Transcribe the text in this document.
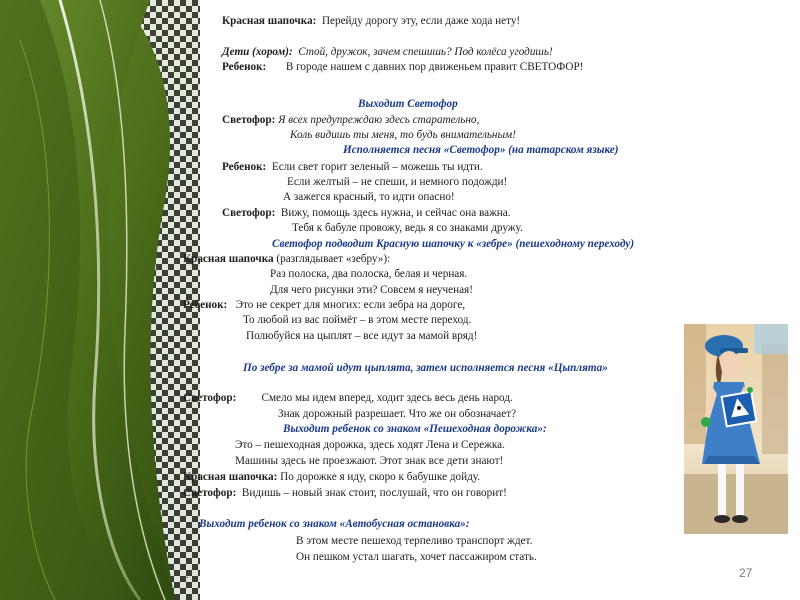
Красная шапочка: Перейду дорогу эту, если даже хода нету!
Дети (хором): Стой, дружок, зачем спешишь? Под колёса угодишь!
Ребенок: В городе нашем с давних пор движеньем правит СВЕТОФОР!
Выходит Светофор
Светофор: Я всех предупреждаю здесь старательно,
Коль видишь ты меня, то будь внимательным!
Исполняется песня «Светофор» (на татарском языке)
Ребенок: Если свет горит зеленый – можешь ты идти.
Если желтый – не спеши, и немного подожди!
А зажегся красный, то идти опасно!
Светофор: Вижу, помощь здесь нужна, и сейчас она важна.
Тебя к бабуле провожу, ведь я со знаками дружу.
Светофор подводит Красную шапочку к «зебре» (пешеходному переходу)
Красная шапочка (разглядывает «зебру»):
Раз полоска, два полоска, белая и черная.
Для чего рисунки эти? Совсем я неученая!
Ребенок: Это не секрет для многих: если зебра на дороге,
То любой из вас поймёт – в этом месте переход.
Полюбуйся на цыплят – все идут за мамой вряд!
По зебре за мамой идут цыплята, затем исполняется песня «Цыплята»
Светофор: Смело мы идем вперед, ходит здесь весь день народ.
Знак дорожный разрешает. Что же он обозначает?
Выходит ребенок со знаком «Пешеходная дорожка»:
Это – пешеходная дорожка, здесь ходят Лена и Сережка.
Машины здесь не проезжают. Этот знак все дети знают!
Красная шапочка: По дорожке я иду, скоро к бабушке дойду.
Светофор: Видишь – новый знак стоит, послушай, что он говорит!
Выходит ребенок со знаком «Автобусная остановка»:
В этом месте пешеход терпеливо транспорт ждет.
Он пешком устал шагать, хочет пассажиром стать.
.	27
